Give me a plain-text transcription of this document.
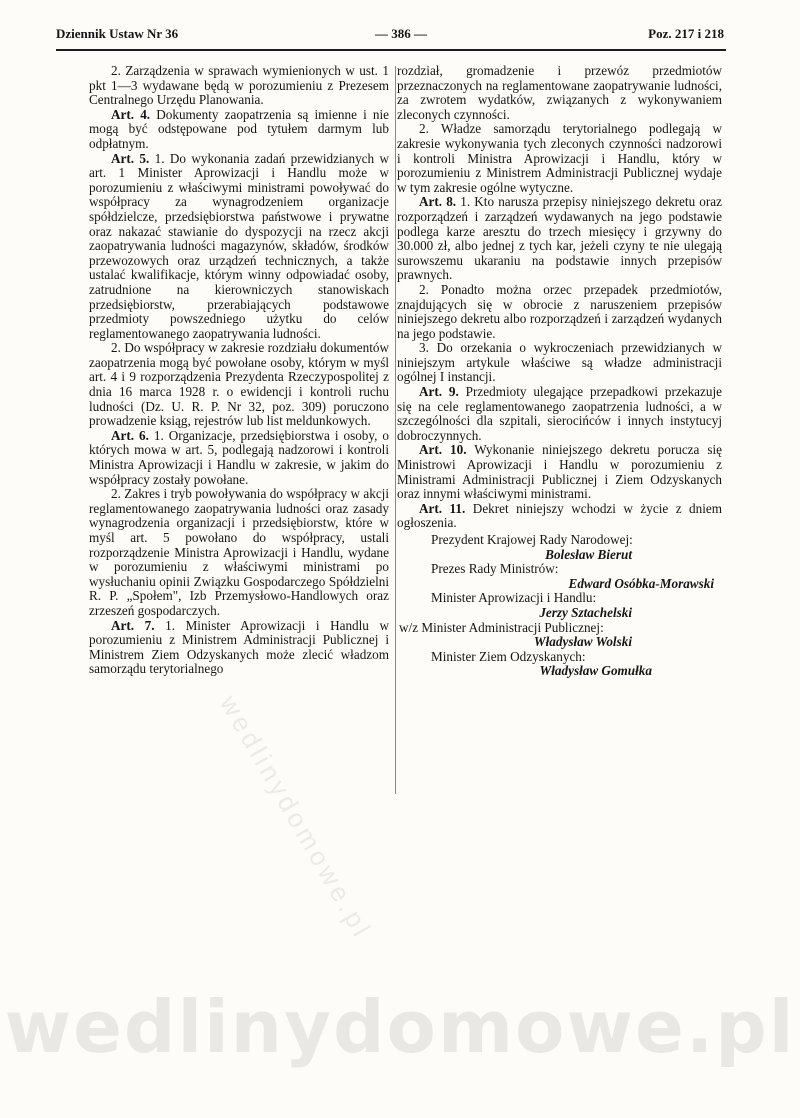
Dziennik Ustaw Nr 36	— 386 —	Poz. 217 i 218
wedlinydomowe.pl
wedlinydomowe.pl

2. Zarządzenia w sprawach wymienionych w ust. 1 pkt 1—3 wydawane będą w porozumieniu z Prezesem Centralnego Urzędu Planowania.

Art. 4. Dokumenty zaopatrzenia są imienne i nie mogą być odstępowane pod tytułem darmym lub odpłatnym.

Art. 5. 1. Do wykonania zadań przewidzianych w art. 1 Minister Aprowizacji i Handlu może w porozumieniu z właściwymi ministrami powoływać do współpracy za wynagrodzeniem organizacje spółdzielcze, przedsiębiorstwa państwowe i prywatne oraz nakazać stawianie do dyspozycji na rzecz akcji zaopatrywania ludności magazynów, składów, środków przewozowych oraz urządzeń technicznych, a także ustalać kwalifikacje, którym winny odpowiadać osoby, zatrudnione na kierowniczych stanowiskach przedsiębiorstw, przerabiających podstawowe przedmioty powszedniego użytku do celów reglamentowanego zaopatrywania ludności.

2. Do współpracy w zakresie rozdziału dokumentów zaopatrzenia mogą być powołane osoby, którym w myśl art. 4 i 9 rozporządzenia Prezydenta Rzeczypospolitej z dnia 16 marca 1928 r. o ewidencji i kontroli ruchu ludności (Dz. U. R. P. Nr 32, poz. 309) poruczono prowadzenie ksiąg, rejestrów lub list meldunkowych.

Art. 6. 1. Organizacje, przedsiębiorstwa i osoby, o których mowa w art. 5, podlegają nadzorowi i kontroli Ministra Aprowizacji i Handlu w zakresie, w jakim do współpracy zostały powołane.

2. Zakres i tryb powoływania do współpracy w akcji reglamentowanego zaopatrywania ludności oraz zasady wynagrodzenia organizacji i przedsiębiorstw, które w myśl art. 5 powołano do współpracy, ustali rozporządzenie Ministra Aprowizacji i Handlu, wydane w porozumieniu z właściwymi ministrami po wysłuchaniu opinii Związku Gospodarczego Spółdzielni R. P. „Społem", Izb Przemysłowo-Handlowych oraz zrzeszeń gospodarczych.

Art. 7. 1. Minister Aprowizacji i Handlu w porozumieniu z Ministrem Administracji Publicznej i Ministrem Ziem Odzyskanych może zlecić władzom samorządu terytorialnego

rozdział, gromadzenie i przewóz przedmiotów przeznaczonych na reglamentowane zaopatrywanie ludności, za zwrotem wydatków, związanych z wykonywaniem zleconych czynności.

2. Władze samorządu terytorialnego podlegają w zakresie wykonywania tych zleconych czynności nadzorowi i kontroli Ministra Aprowizacji i Handlu, który w porozumieniu z Ministrem Administracji Publicznej wydaje w tym zakresie ogólne wytyczne.

Art. 8. 1. Kto narusza przepisy niniejszego dekretu oraz rozporządzeń i zarządzeń wydawanych na jego podstawie podlega karze aresztu do trzech miesięcy i grzywny do 30.000 zł, albo jednej z tych kar, jeżeli czyny te nie ulegają surowszemu ukaraniu na podstawie innych przepisów prawnych.

2. Ponadto można orzec przepadek przedmiotów, znajdujących się w obrocie z naruszeniem przepisów niniejszego dekretu albo rozporządzeń i zarządzeń wydanych na jego podstawie.

3. Do orzekania o wykroczeniach przewidzianych w niniejszym artykule właściwe są władze administracji ogólnej I instancji.

Art. 9. Przedmioty ulegające przepadkowi przekazuje się na cele reglamentowanego zaopatrzenia ludności, a w szczególności dla szpitali, sierocińców i innych instytucyj dobroczynnych.

Art. 10. Wykonanie niniejszego dekretu porucza się Ministrowi Aprowizacji i Handlu w porozumieniu z Ministrami Administracji Publicznej i Ziem Odzyskanych oraz innymi właściwymi ministrami.

Art. 11. Dekret niniejszy wchodzi w życie z dniem ogłoszenia.

Prezydent Krajowej Rady Narodowej:
Bolesław Bierut
Prezes Rady Ministrów:
Edward Osóbka-Morawski
Minister Aprowizacji i Handlu:
Jerzy Sztachelski
w/z Minister Administracji Publicznej:
Władysław Wolski
Minister Ziem Odzyskanych:
Władysław Gomułka
